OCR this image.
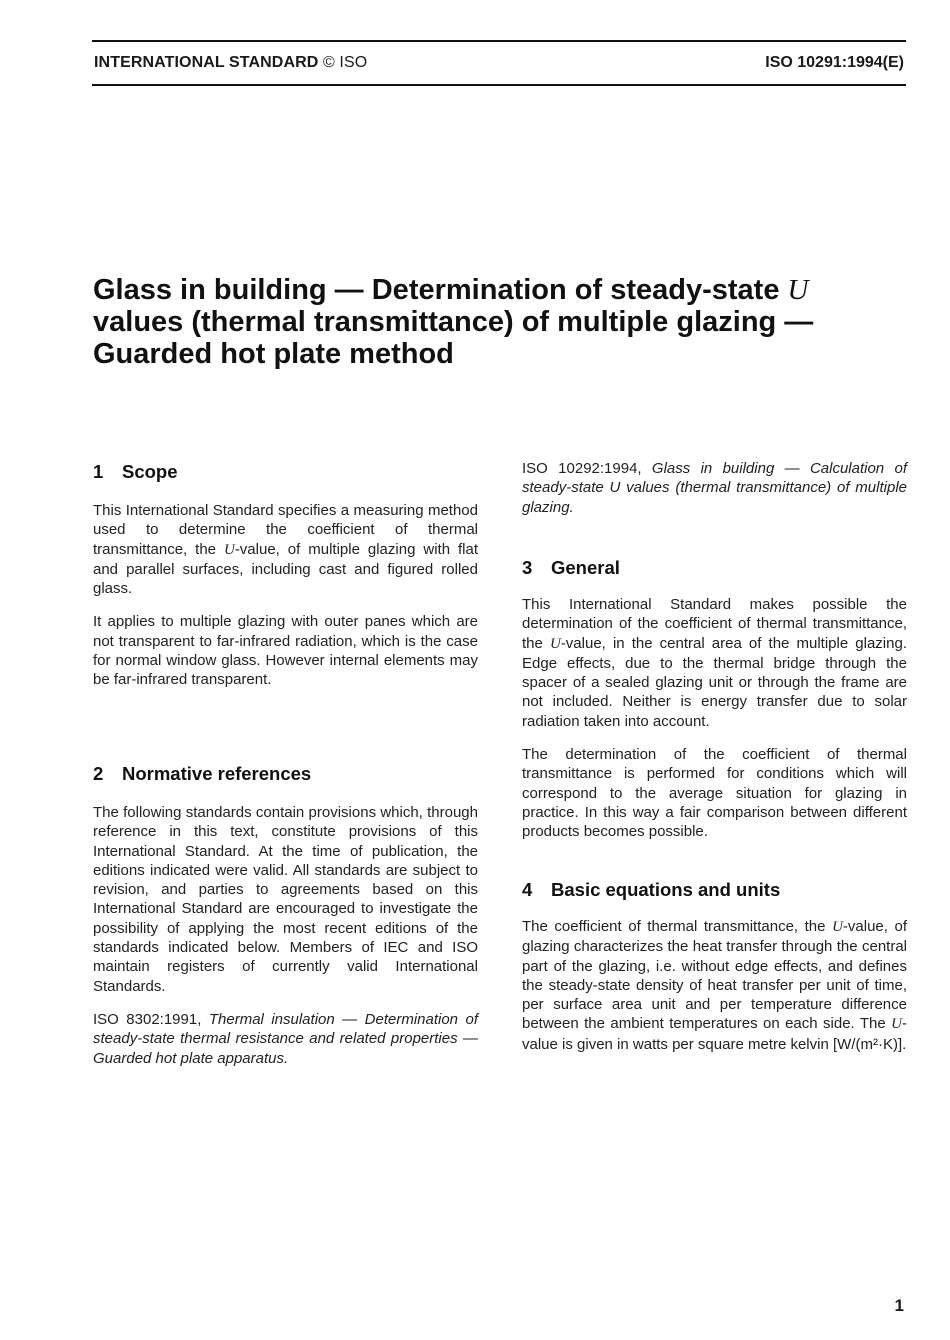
INTERNATIONAL STANDARD © ISO	ISO 10291:1994(E)
Glass in building — Determination of steady-state U
values (thermal transmittance) of multiple glazing —
Guarded hot plate method
1 Scope

This International Standard specifies a measuring method used to determine the coefficient of thermal transmittance, the U-value, of multiple glazing with flat and parallel surfaces, including cast and figured rolled glass.

It applies to multiple glazing with outer panes which are not transparent to far-infrared radiation, which is the case for normal window glass. However internal elements may be far-infrared transparent.

2 Normative references

The following standards contain provisions which, through reference in this text, constitute provisions of this International Standard. At the time of publication, the editions indicated were valid. All standards are subject to revision, and parties to agreements based on this International Standard are encouraged to investigate the possibility of applying the most recent editions of the standards indicated below. Members of IEC and ISO maintain registers of currently valid International Standards.

ISO 8302:1991, Thermal insulation — Determination of steady-state thermal resistance and related properties — Guarded hot plate apparatus.

ISO 10292:1994, Glass in building — Calculation of steady-state U values (thermal transmittance) of multiple glazing.

3 General

This International Standard makes possible the determination of the coefficient of thermal transmittance, the U-value, in the central area of the multiple glazing. Edge effects, due to the thermal bridge through the spacer of a sealed glazing unit or through the frame are not included. Neither is energy transfer due to solar radiation taken into account.

The determination of the coefficient of thermal transmittance is performed for conditions which will correspond to the average situation for glazing in practice. In this way a fair comparison between different products becomes possible.

4 Basic equations and units

The coefficient of thermal transmittance, the U-value, of glazing characterizes the heat transfer through the central part of the glazing, i.e. without edge effects, and defines the steady-state density of heat transfer per unit of time, per surface area unit and per temperature difference between the ambient temperatures on each side. The U-value is given in watts per square metre kelvin [W/(m²·K)].

1
